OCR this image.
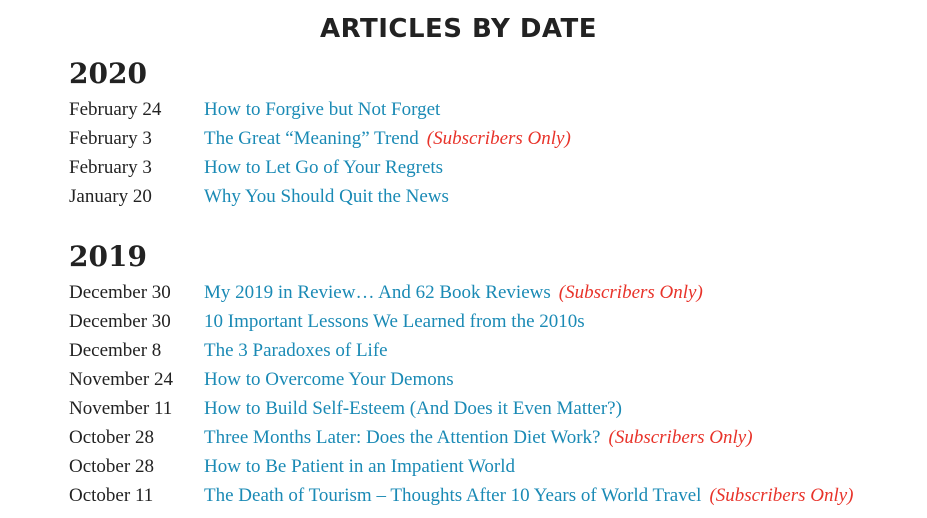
ARTICLES BY DATE
2020
February 24 How to Forgive but Not Forget
February 3	The Great “Meaning” Trend (Subscribers Only)
February 3	How to Let Go of Your Regrets
January 20	Why You Should Quit the News
2019
December 30 My 2019 in Review… And 62 Book Reviews (Subscribers Only)
December 30 10 Important Lessons We Learned from the 2010s
December 8 The 3 Paradoxes of Life
November 24 How to Overcome Your Demons
November 11 How to Build Self-Esteem (And Does it Even Matter?)
October 28	Three Months Later: Does the Attention Diet Work? (Subscribers Only)
October 28	How to Be Patient in an Impatient World
October 11	The Death of Tourism – Thoughts After 10 Years of World Travel (Subscribers Only)
